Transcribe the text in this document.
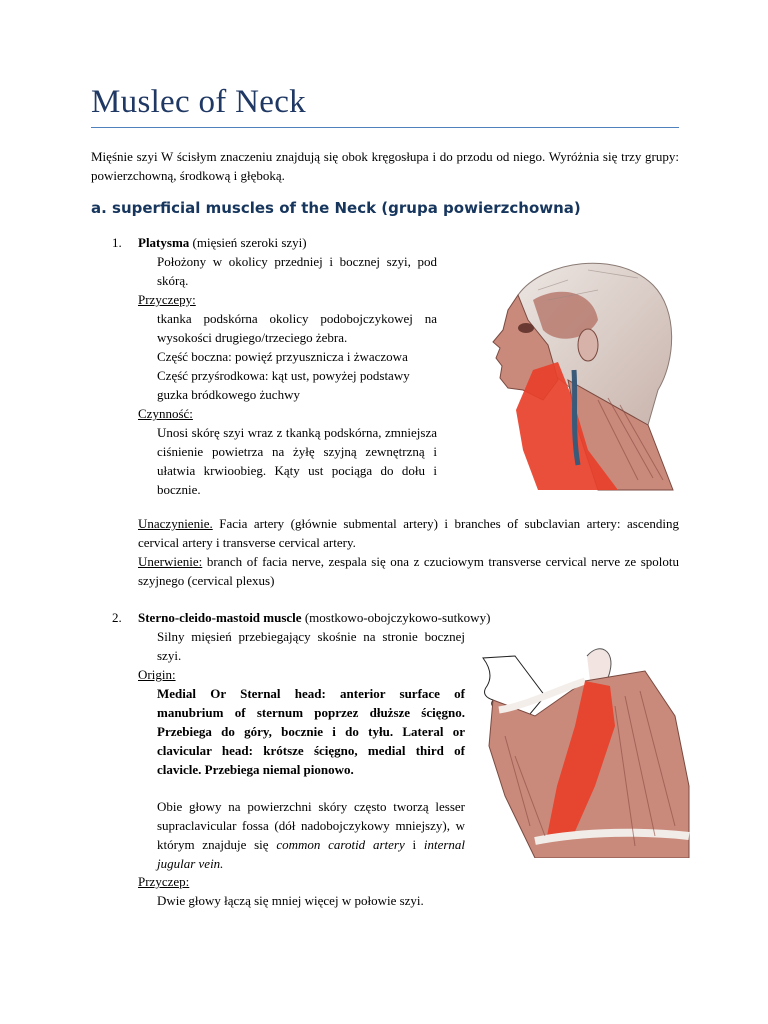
Muslec of Neck
Mięśnie szyi W ścisłym znaczeniu znajdują się obok kręgosłupa i do przodu od niego. Wyróżnia się trzy grupy: powierzchowną, środkową i głęboką.
a. superficial muscles of the Neck (grupa powierzchowna)
1. Platysma (mięsień szeroki szyi)
Położony w okolicy przedniej i bocznej szyi, pod skórą.
Przyczepy:
tkanka podskórna okolicy podobojczykowej na wysokości drugiego/trzeciego żebra.
Część boczna: powięź przyusznicza i żwaczowa
Część przyśrodkowa: kąt ust, powyżej podstawy guzka bródkowego żuchwy
Czynność:
Unosi skórę szyi wraz z tkanką podskórna, zmniejsza ciśnienie powietrza na żyłę szyjną zewnętrzną i ułatwia krwioobieg. Kąty ust pociąga do dołu i bocznie.
Unaczynienie. Facia artery (głównie submental artery) i branches of subclavian artery: ascending cervical artery i transverse cervical artery.
Unerwienie: branch of facia nerve, zespala się ona z czuciowym transverse cervical nerve ze spolotu szyjnego (cervical plexus)
2. Sterno-cleido-mastoid muscle (mostkowo-obojczykowo-sutkowy)
Silny mięsień przebiegający skośnie na stronie bocznej szyi.
Origin:
Medial Or Sternal head: anterior surface of manubrium of sternum poprzez dłuższe ścięgno. Przebiega do góry, bocznie i do tyłu. Lateral or clavicular head: krótsze ścięgno, medial third of clavicle. Przebiega niemal pionowo.
Obie głowy na powierzchni skóry często tworzą lesser supraclavicular fossa (dół nadobojczykowy mniejszy), w którym znajduje się common carotid artery i internal jugular vein.
Przyczep:
Dwie głowy łączą się mniej więcej w połowie szyi.
